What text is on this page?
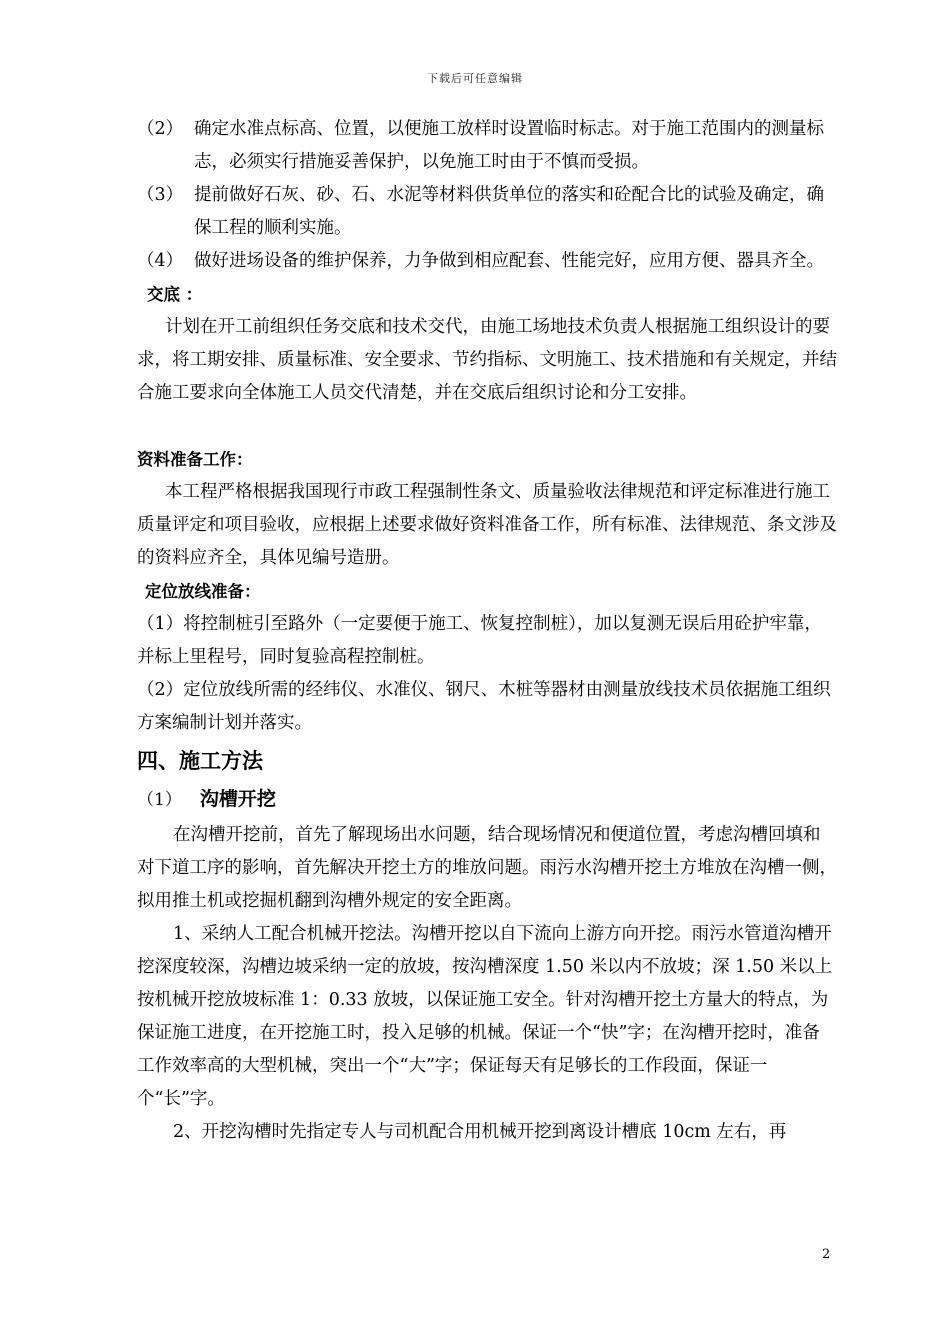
下载后可任意编辑
（2） 确定水准点标高、位置，以便施工放样时设置临时标志。对于施工范围内的测量标志，必须实行措施妥善保护，以免施工时由于不慎而受损。
（3） 提前做好石灰、砂、石、水泥等材料供货单位的落实和砼配合比的试验及确定，确保工程的顺利实施。
（4） 做好进场设备的维护保养，力争做到相应配套、性能完好，应用方便、器具齐全。
交底 ：
计划在开工前组织任务交底和技术交代，由施工场地技术负责人根据施工组织设计的要求，将工期安排、质量标准、安全要求、节约指标、文明施工、技术措施和有关规定，并结合施工要求向全体施工人员交代清楚，并在交底后组织讨论和分工安排。
资料准备工作：
本工程严格根据我国现行市政工程强制性条文、质量验收法律规范和评定标准进行施工质量评定和项目验收，应根据上述要求做好资料准备工作，所有标准、法律规范、条文涉及的资料应齐全，具体见编号造册。
定位放线准备：
（1）将控制桩引至路外（一定要便于施工、恢复控制桩），加以复测无误后用砼护牢靠，并标上里程号，同时复验高程控制桩。
（2）定位放线所需的经纬仪、水准仪、钢尺、木桩等器材由测量放线技术员依据施工组织方案编制计划并落实。
四、施工方法
（1） 沟槽开挖
在沟槽开挖前，首先了解现场出水问题，结合现场情况和便道位置，考虑沟槽回填和对下道工序的影响，首先解决开挖土方的堆放问题。雨污水沟槽开挖土方堆放在沟槽一侧，拟用推土机或挖掘机翻到沟槽外规定的安全距离。
1、采纳人工配合机械开挖法。沟槽开挖以自下流向上游方向开挖。雨污水管道沟槽开挖深度较深，沟槽边坡采纳一定的放坡，按沟槽深度 1.50 米以内不放坡；深 1.50 米以上按机械开挖放坡标准 1：0.33 放坡，以保证施工安全。针对沟槽开挖土方量大的特点，为保证施工进度，在开挖施工时，投入足够的机械。保证一个“快”字；在沟槽开挖时，准备工作效率高的大型机械，突出一个“大”字；保证每天有足够长的工作段面，保证一个“长”字。
2、开挖沟槽时先指定专人与司机配合用机械开挖到离设计槽底 10cm 左右，再
2
